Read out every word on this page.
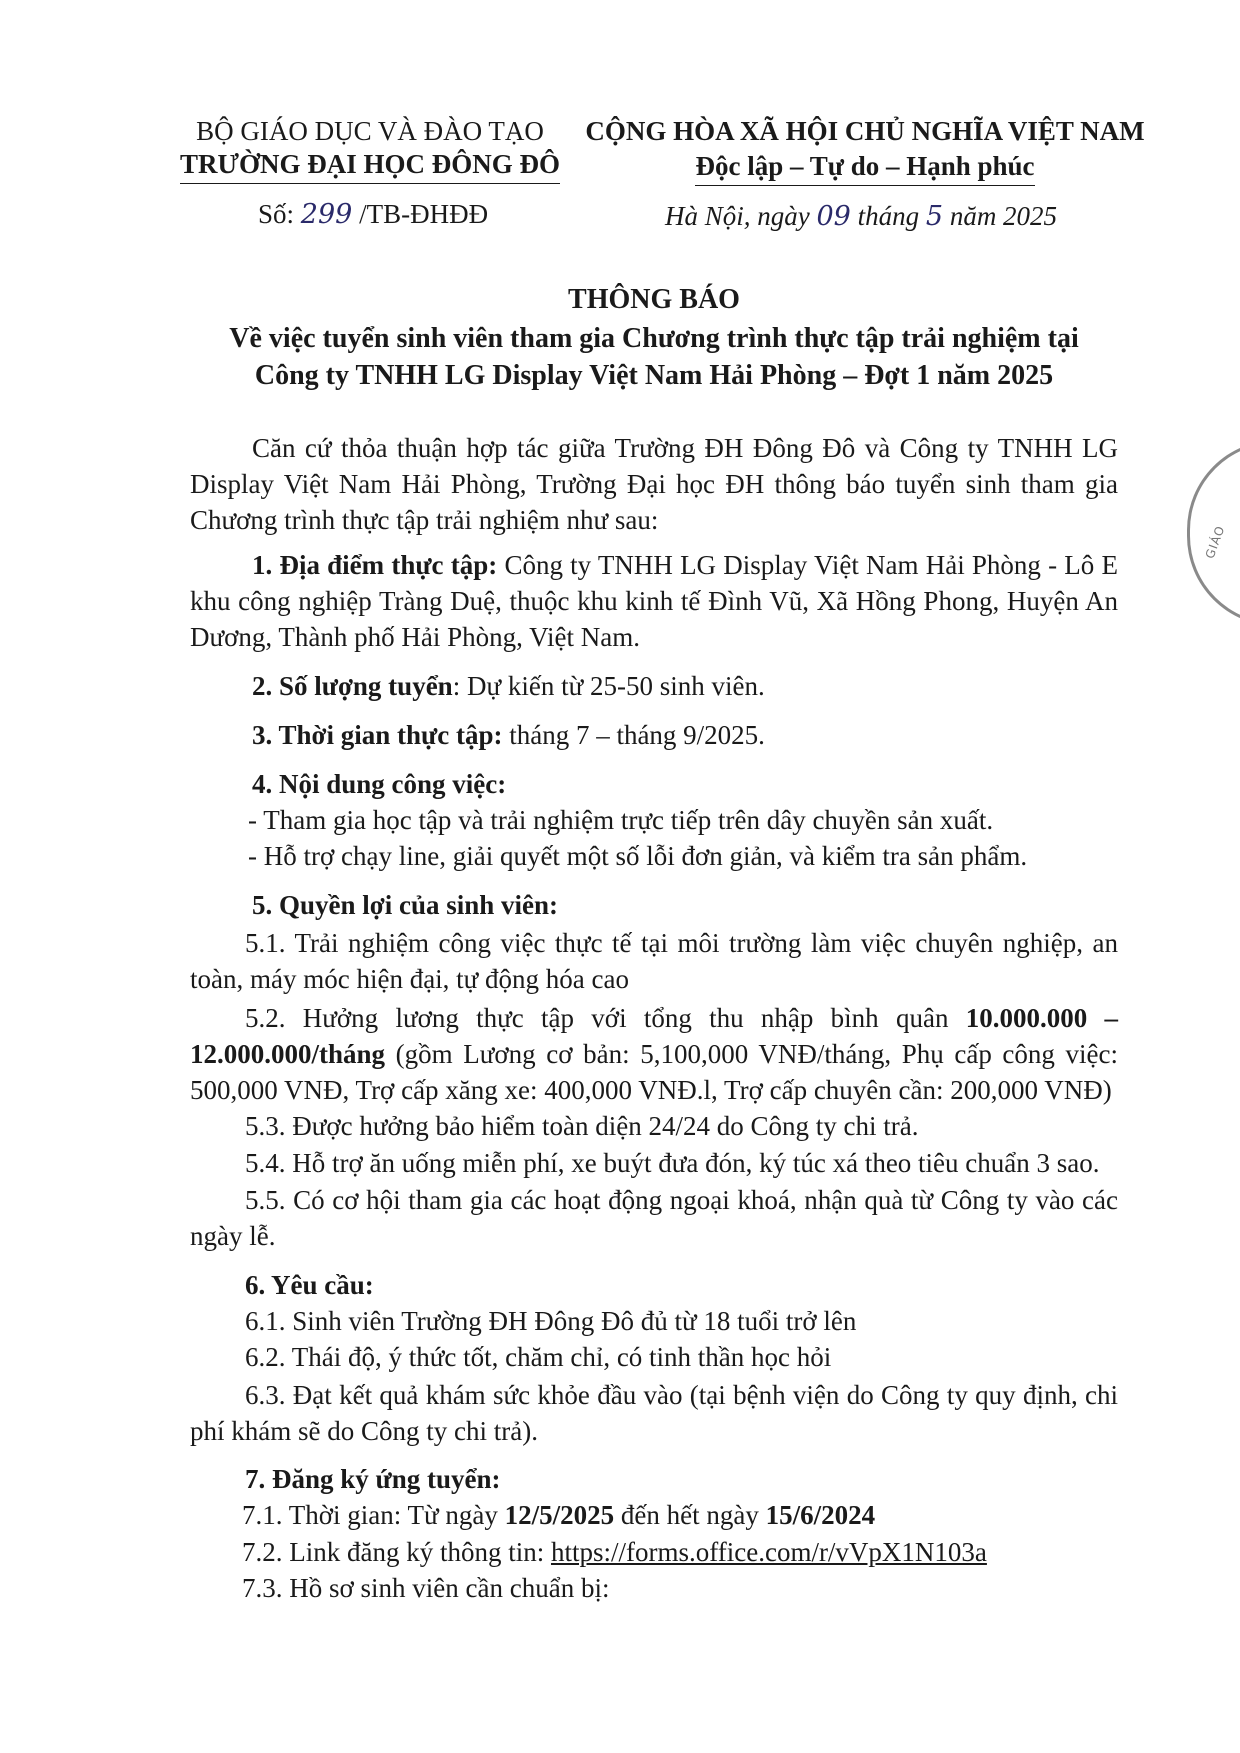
BỘ GIÁO DỤC VÀ ĐÀO TẠO
TRƯỜNG ĐẠI HỌC ĐÔNG ĐÔ
Số: 299 /TB-ĐHĐĐ
CỘNG HÒA XÃ HỘI CHỦ NGHĨA VIỆT NAM
Độc lập – Tự do – Hạnh phúc
Hà Nội, ngày 09 tháng 5 năm 2025
THÔNG BÁO
Về việc tuyển sinh viên tham gia Chương trình thực tập trải nghiệm tại
Công ty TNHH LG Display Việt Nam Hải Phòng – Đợt 1 năm 2025
Căn cứ thỏa thuận hợp tác giữa Trường ĐH Đông Đô và Công ty TNHH LG Display Việt Nam Hải Phòng, Trường Đại học ĐH thông báo tuyển sinh tham gia Chương trình thực tập trải nghiệm như sau:
1. Địa điểm thực tập: Công ty TNHH LG Display Việt Nam Hải Phòng - Lô E khu công nghiệp Tràng Duệ, thuộc khu kinh tế Đình Vũ, Xã Hồng Phong, Huyện An Dương, Thành phố Hải Phòng, Việt Nam.
2. Số lượng tuyển: Dự kiến từ 25-50 sinh viên.
3. Thời gian thực tập: tháng 7 – tháng 9/2025.
4. Nội dung công việc:
- Tham gia học tập và trải nghiệm trực tiếp trên dây chuyền sản xuất.
- Hỗ trợ chạy line, giải quyết một số lỗi đơn giản, và kiểm tra sản phẩm.
5. Quyền lợi của sinh viên:
5.1. Trải nghiệm công việc thực tế tại môi trường làm việc chuyên nghiệp, an toàn, máy móc hiện đại, tự động hóa cao
5.2. Hưởng lương thực tập với tổng thu nhập bình quân 10.000.000 – 12.000.000/tháng (gồm Lương cơ bản: 5,100,000 VNĐ/tháng, Phụ cấp công việc: 500,000 VNĐ, Trợ cấp xăng xe: 400,000 VNĐ.l, Trợ cấp chuyên cần: 200,000 VNĐ)
5.3. Được hưởng bảo hiểm toàn diện 24/24 do Công ty chi trả.
5.4. Hỗ trợ ăn uống miễn phí, xe buýt đưa đón, ký túc xá theo tiêu chuẩn 3 sao.
5.5. Có cơ hội tham gia các hoạt động ngoại khoá, nhận quà từ Công ty vào các ngày lễ.
6. Yêu cầu:
6.1. Sinh viên Trường ĐH Đông Đô đủ từ 18 tuổi trở lên
6.2. Thái độ, ý thức tốt, chăm chỉ, có tinh thần học hỏi
6.3. Đạt kết quả khám sức khỏe đầu vào (tại bệnh viện do Công ty quy định, chi phí khám sẽ do Công ty chi trả).
7. Đăng ký ứng tuyển:
7.1. Thời gian: Từ ngày 12/5/2025 đến hết ngày 15/6/2024
7.2. Link đăng ký thông tin: https://forms.office.com/r/vVpX1N103a
7.3. Hồ sơ sinh viên cần chuẩn bị:
GIÁO
